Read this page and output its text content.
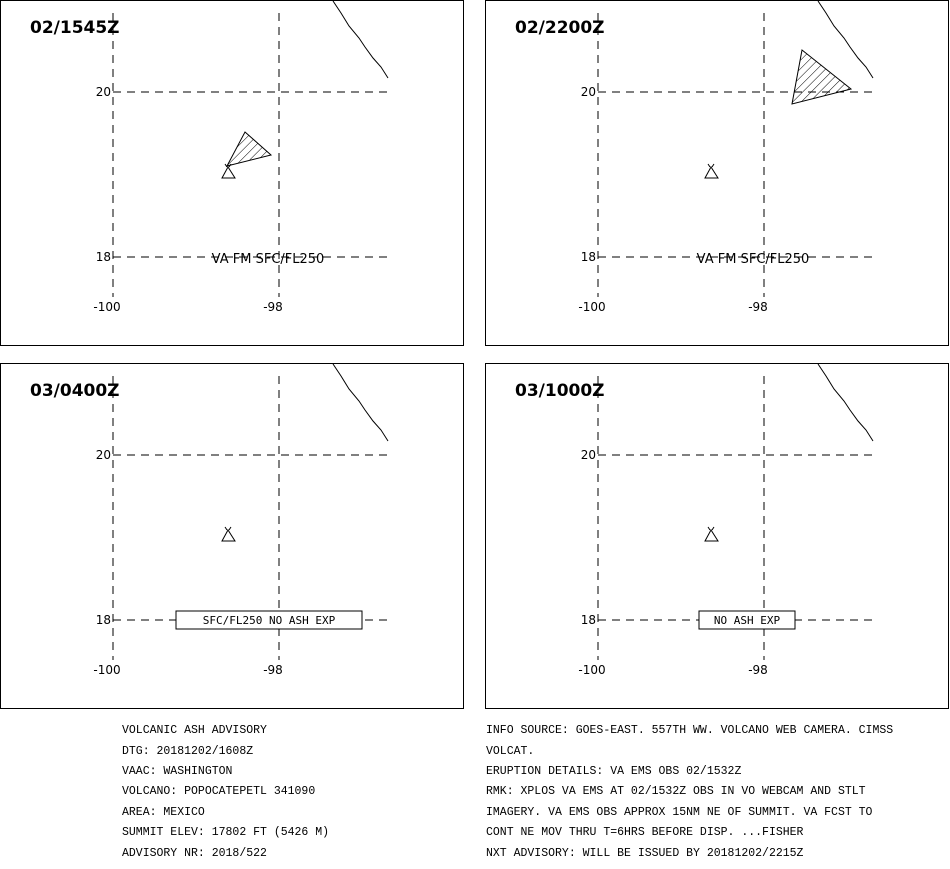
20
18
-100	-98
VA FM SFC/FL250
02/1545Z
20
18
-100	-98
VA FM SFC/FL250
02/2200Z
20
18
-100	-98
SFC/FL250 NO ASH EXP
03/0400Z
20
18
-100	-98
NO ASH EXP
03/1000Z

VOLCANIC ASH ADVISORY

DTG: 20181202/1608Z

VAAC: WASHINGTON

VOLCANO: POPOCATEPETL 341090

AREA: MEXICO

SUMMIT ELEV: 17802 FT (5426 M)

ADVISORY NR: 2018/522

INFO SOURCE: GOES-EAST. 557TH WW. VOLCANO WEB CAMERA. CIMSS

VOLCAT.

ERUPTION DETAILS: VA EMS OBS 02/1532Z

RMK: XPLOS VA EMS AT 02/1532Z OBS IN VO WEBCAM AND STLT

IMAGERY. VA EMS OBS APPROX 15NM NE OF SUMMIT. VA FCST TO

CONT NE MOV THRU T=6HRS BEFORE DISP. ...FISHER

NXT ADVISORY: WILL BE ISSUED BY 20181202/2215Z
